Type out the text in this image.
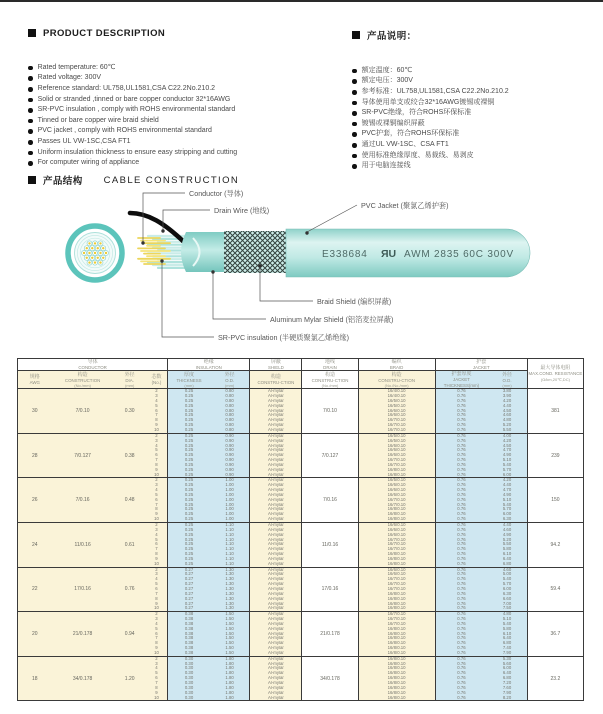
PRODUCT DESCRIPTION
Rated temperature: 60℃
Rated voltage: 300V
Reference standard: UL758,UL1581,CSA C22.2No.210.2
Solid or stranded ,tinned or bare copper conductor 32*16AWG
SR-PVC insulation , comply with ROHS environmental standard
Tinned or bare copper wire braid shield
PVC jacket , comply with ROHS environmental standard
Passes UL VW-1SC,CSA FT1
Uniform insulation thickness to ensure easy stripping and cutting
For computer wiring of appliance
产品说明：
额定温度：60℃
额定电压：300V
参考标准：UL758,UL1581,CSA C22.2No.210.2
导体使用单支或绞合32*16AWG镀锡或裸铜
SR-PVC绝缘，符合ROHS环保标准
镀锡或裸铜编织屏蔽
PVC护套，符合ROHS环保标准
通过UL VW-1SC、CSA FT1
使用标准绝缘厚度、易裁线、易剥皮
用于电脑连接线
产品结构 CABLE CONSTRUCTION
E338684 ЯU AWM 2835 60C 300V
Conductor (导体)
Drain Wire (地线)
PVC Jacket (聚氯乙烯护套)
Braid Shield (编织屏蔽)
Aluminum Mylar Shield (铝箔麦拉屏蔽)
SR-PVC insulation (半硬质聚氯乙烯绝缘)
导体
CONDUCTOR

绝缘
INSULATION

屏蔽
SHIELD

地线
DRAIN

编织
BRAID

护套
JACKET	最大导体电阻
MAX.COND. RESISTANCE
(Ω/km,20℃,DC)

规格
AWG

构造
CONSTRUCTION
(No./mm)

外径
DIA.
(mm)

芯数
(No.)

厚度
THICKNESS
(mm)

外径
O.D.
(mm)

构造
CONSTRU-CTION

构造
CONSTRU-CTION
(No./mm)

构造
CONSTRU-CTION
(No./No./mm)

护套厚度
JACKET THICKNESS(mm)

外径
O.D.
(mm)

30	7/0.10	0.30	2	0.25	0.80	Al-mylar	7/0.10	16/4/0.10	0.76	3.80	381
			3	0.25	0.80	Al-mylar		16/4/0.10	0.76	3.90	
			4	0.25	0.80	Al-mylar		16/5/0.10	0.76	4.20	
			5	0.25	0.80	Al-mylar		16/5/0.10	0.76	4.40	
			6	0.25	0.80	Al-mylar		16/6/0.10	0.76	4.50	
			7	0.25	0.80	Al-mylar		16/6/0.10	0.76	4.60	
			8	0.25	0.80	Al-mylar		16/7/0.10	0.76	4.80	
			9	0.25	0.80	Al-mylar		16/7/0.10	0.76	5.20	
			10	0.25	0.80	Al-mylar		16/7/0.10	0.76	5.50	
28	7/0.127	0.38	2	0.25	0.90	Al-mylar	7/0.127	16/5/0.10	0.76	4.00	239
			3	0.25	0.90	Al-mylar		16/5/0.10	0.76	4.20	
			4	0.25	0.90	Al-mylar		16/6/0.10	0.76	4.50	
			5	0.25	0.90	Al-mylar		16/6/0.10	0.76	4.70	
			6	0.25	0.90	Al-mylar		16/6/0.10	0.76	4.90	
			7	0.25	0.90	Al-mylar		16/7/0.10	0.76	5.10	
			8	0.25	0.90	Al-mylar		16/7/0.10	0.76	5.40	
			9	0.25	0.90	Al-mylar		16/8/0.10	0.76	5.70	
			10	0.25	0.90	Al-mylar		16/8/0.10	0.76	6.00	
26	7/0.16	0.48	2	0.25	1.00	Al-mylar	7/0.16	16/5/0.10	0.76	4.20	150
			3	0.25	1.00	Al-mylar		16/6/0.10	0.76	4.40	
			4	0.25	1.00	Al-mylar		16/6/0.10	0.76	4.70	
			5	0.25	1.00	Al-mylar		16/6/0.10	0.76	4.90	
			6	0.25	1.00	Al-mylar		16/7/0.10	0.76	5.10	
			7	0.25	1.00	Al-mylar		16/7/0.10	0.76	5.40	
			8	0.25	1.00	Al-mylar		16/8/0.10	0.76	5.70	
			9	0.25	1.00	Al-mylar		16/8/0.10	0.76	6.00	
			10	0.25	1.00	Al-mylar		16/8/0.10	0.76	6.30	
24	11/0.16	0.61	2	0.25	1.10	Al-mylar	11/0.16	16/6/0.10	0.76	4.40	94.2
			3	0.25	1.10	Al-mylar		16/6/0.10	0.76	4.60	
			4	0.25	1.10	Al-mylar		16/6/0.10	0.76	4.90	
			5	0.25	1.10	Al-mylar		16/7/0.10	0.76	5.20	
			6	0.25	1.10	Al-mylar		16/7/0.10	0.76	5.50	
			7	0.25	1.10	Al-mylar		16/7/0.10	0.76	5.80	
			8	0.25	1.10	Al-mylar		16/8/0.10	0.76	6.10	
			9	0.25	1.10	Al-mylar		16/8/0.10	0.76	6.40	
			10	0.25	1.10	Al-mylar		16/8/0.10	0.76	6.80	
22	17/0.16	0.76	2	0.27	1.30	Al-mylar	17/0.16	16/6/0.10	0.76	4.60	59.4
			3	0.27	1.30	Al-mylar		16/6/0.10	0.76	5.00	
			4	0.27	1.30	Al-mylar		16/7/0.10	0.76	5.40	
			5	0.27	1.30	Al-mylar		16/7/0.10	0.76	5.70	
			6	0.27	1.30	Al-mylar		16/7/0.10	0.76	6.00	
			7	0.27	1.30	Al-mylar		16/8/0.10	0.76	6.30	
			8	0.27	1.30	Al-mylar		16/8/0.10	0.76	6.60	
			9	0.27	1.30	Al-mylar		16/8/0.10	0.76	7.00	
			10	0.27	1.30	Al-mylar		16/8/0.10	0.76	7.50	
20	21/0.178	0.94	2	0.38	1.50	Al-mylar	21/0.178	16/7/0.10	0.76	4.80	36.7
			3	0.38	1.50	Al-mylar		16/7/0.10	0.76	5.10	
			4	0.38	1.50	Al-mylar		16/7/0.10	0.76	5.40	
			5	0.38	1.50	Al-mylar		16/8/0.10	0.76	5.80	
			6	0.38	1.50	Al-mylar		16/8/0.10	0.76	6.10	
			7	0.38	1.50	Al-mylar		16/8/0.10	0.76	6.40	
			8	0.38	1.50	Al-mylar		16/8/0.10	0.76	6.80	
			9	0.38	1.50	Al-mylar		16/8/0.10	0.76	7.40	
			10	0.38	1.50	Al-mylar		16/8/0.10	0.76	7.90	
18	34/0.178	1.20	2	0.30	1.80	Al-mylar	34/0.178	16/8/0.10	0.76	5.30	23.2
			3	0.30	1.80	Al-mylar		16/8/0.10	0.76	5.60	
			4	0.30	1.80	Al-mylar		16/8/0.10	0.76	6.00	
			5	0.30	1.80	Al-mylar		16/8/0.10	0.76	6.40	
			6	0.30	1.80	Al-mylar		16/8/0.10	0.76	6.80	
			7	0.30	1.80	Al-mylar		16/8/0.10	0.76	7.20	
			8	0.30	1.80	Al-mylar		16/8/0.10	0.76	7.60	
			9	0.30	1.80	Al-mylar		16/8/0.10	0.76	7.90	
			10	0.30	1.80	Al-mylar		16/8/0.10	0.76	8.20	
